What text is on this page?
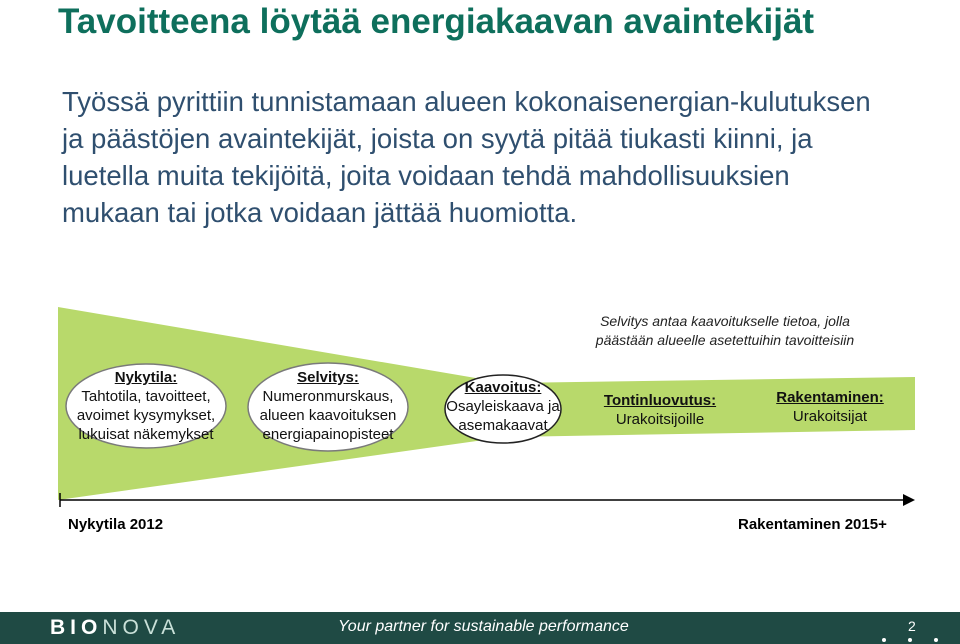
Tavoitteena löytää energiakaavan avaintekijät

Työssä pyrittiin tunnistamaan alueen kokonaisenergian-kulutuksen ja päästöjen avaintekijät, joista on syytä pitää tiukasti kiinni, ja luetella muita tekijöitä, joita voidaan tehdä mahdollisuuksien mukaan tai jotka voidaan jättää huomiotta.

Selvitys antaa kaavoitukselle tietoa, jolla päästään alueelle asetettuihin tavoitteisiin
Nykytila:
Tahtotila, tavoitteet, avoimet kysymykset, lukuisat näkemykset
Selvitys:
Numeronmurskaus, alueen kaavoituksen energiapainopisteet
Kaavoitus:
Osayleiskaava ja asemakaavat
Tontinluovutus:
Urakoitsijoille
Rakentaminen:
Urakoitsijat
Nykytila 2012	Rakentaminen 2015+
BIONOVA	Your partner for sustainable performance	2
